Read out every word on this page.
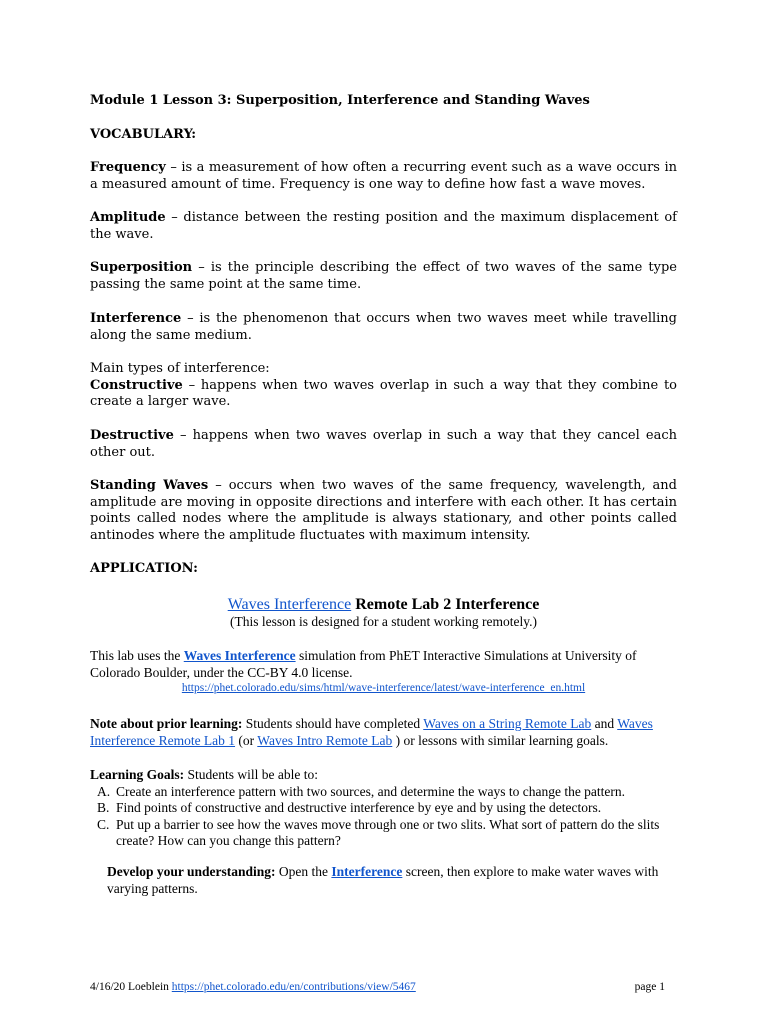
Module 1 Lesson 3: Superposition, Interference and Standing Waves
VOCABULARY:
Frequency – is a measurement of how often a recurring event such as a wave occurs in a measured amount of time. Frequency is one way to define how fast a wave moves.
Amplitude – distance between the resting position and the maximum displacement of the wave.
Superposition – is the principle describing the effect of two waves of the same type passing the same point at the same time.
Interference – is the phenomenon that occurs when two waves meet while travelling along the same medium.
Main types of interference:
Constructive – happens when two waves overlap in such a way that they combine to create a larger wave.
Destructive – happens when two waves overlap in such a way that they cancel each other out.
Standing Waves – occurs when two waves of the same frequency, wavelength, and amplitude are moving in opposite directions and interfere with each other. It has certain points called nodes where the amplitude is always stationary, and other points called antinodes where the amplitude fluctuates with maximum intensity.
APPLICATION:
Waves Interference Remote Lab 2 Interference
(This lesson is designed for a student working remotely.)
This lab uses the Waves Interference simulation from PhET Interactive Simulations at University of Colorado Boulder, under the CC-BY 4.0 license.
https://phet.colorado.edu/sims/html/wave-interference/latest/wave-interference_en.html
Note about prior learning: Students should have completed Waves on a String Remote Lab and Waves Interference Remote Lab 1 (or Waves Intro Remote Lab ) or lessons with similar learning goals.
Learning Goals: Students will be able to:
A. Create an interference pattern with two sources, and determine the ways to change the pattern.
B. Find points of constructive and destructive interference by eye and by using the detectors.
C. Put up a barrier to see how the waves move through one or two slits. What sort of pattern do the slits create? How can you change this pattern?
Develop your understanding: Open the Interference screen, then explore to make water waves with varying patterns.
4/16/20 Loeblein https://phet.colorado.edu/en/contributions/view/5467	page 1
